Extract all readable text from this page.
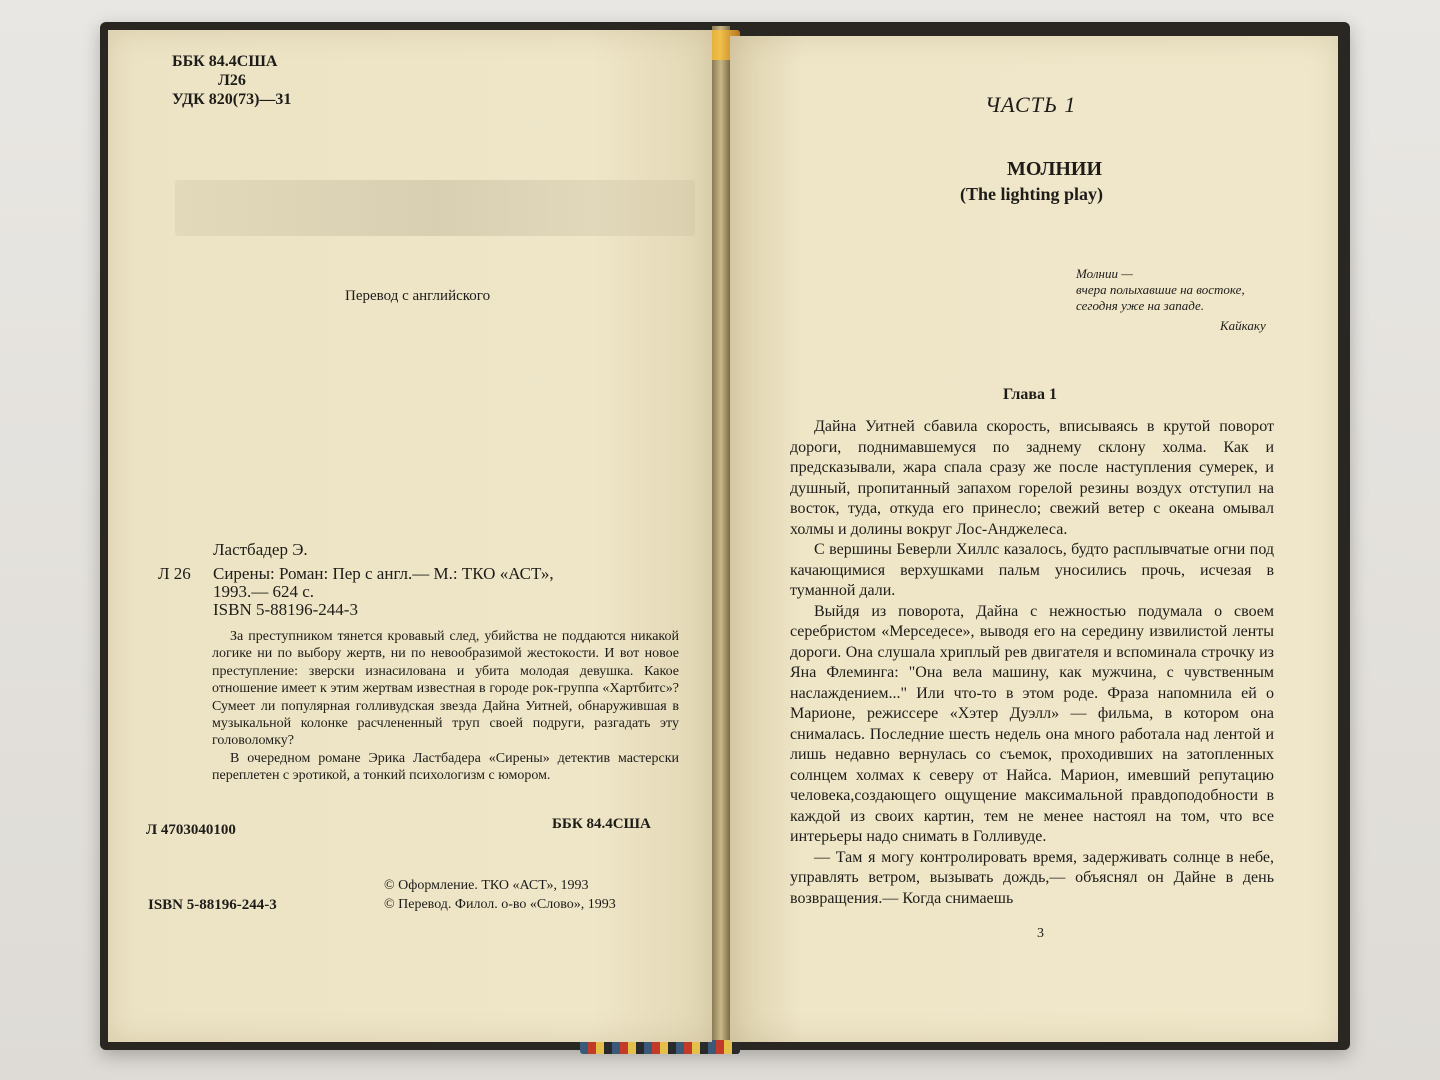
ББК 84.4США
Л26
УДК 820(73)—31
Перевод с английского
Ластбадер Э.
Л 26 Сирены: Роман: Пер с англ.— М.: ТКО «АСТ»,
1993.— 624 с.
ISBN 5-88196-244-3

За преступником тянется кровавый след, убийства не поддаются никакой логике ни по выбору жертв, ни по невообразимой жестокости. И вот новое преступление: зверски изнасилована и убита молодая девушка. Какое отношение имеет к этим жертвам известная в городе рок-группа «Хартбитс»? Сумеет ли популярная голливудская звезда Дайна Уитней, обнаружившая в музыкальной колонке расчлененный труп своей подруги, разгадать эту головоломку?

В очередном романе Эрика Ластбадера «Сирены» детектив мастерски переплетен с эротикой, а тонкий психологизм с юмором.

Л 4703040100	ББК 84.4США
ISBN 5-88196-244-3
© Оформление. ТКО «АСТ», 1993
© Перевод. Филол. о-во «Слово», 1993
ЧАСТЬ 1
МОЛНИИ
(The lighting play)
Молнии —
вчера полыхавшие на востоке,
сегодня уже на западе.
Кайкаку
Глава 1

Дайна Уитней сбавила скорость, вписываясь в крутой поворот дороги, поднимавшемуся по заднему склону холма. Как и предсказывали, жара спала сразу же после наступления сумерек, и душный, пропитанный запахом горелой резины воздух отступил на восток, туда, откуда его принесло; свежий ветер с океана омывал холмы и долины вокруг Лос-Анджелеса.

С вершины Беверли Хиллс казалось, будто расплывчатые огни под качающимися верхушками пальм уносились прочь, исчезая в туманной дали.

Выйдя из поворота, Дайна с нежностью подумала о своем серебристом «Мерседесе», выводя его на середину извилистой ленты дороги. Она слушала хриплый рев двигателя и вспоминала строчку из Яна Флеминга: "Она вела машину, как мужчина, с чувственным наслаждением..." Или что-то в этом роде. Фраза напомнила ей о Марионе, режиссере «Хэтер Дуэлл» — фильма, в котором она снималась. Последние шесть недель она много работала над лентой и лишь недавно вернулась со съемок, проходивших на затопленных солнцем холмах к северу от Найса. Марион, имевший репутацию человека,создающего ощущение максимальной правдоподобности в каждой из своих картин, тем не менее настоял на том, что все интерьеры надо снимать в Голливуде.

— Там я могу контролировать время, задерживать солнце в небе, управлять ветром, вызывать дождь,— объяснял он Дайне в день возвращения.— Когда снимаешь

3
